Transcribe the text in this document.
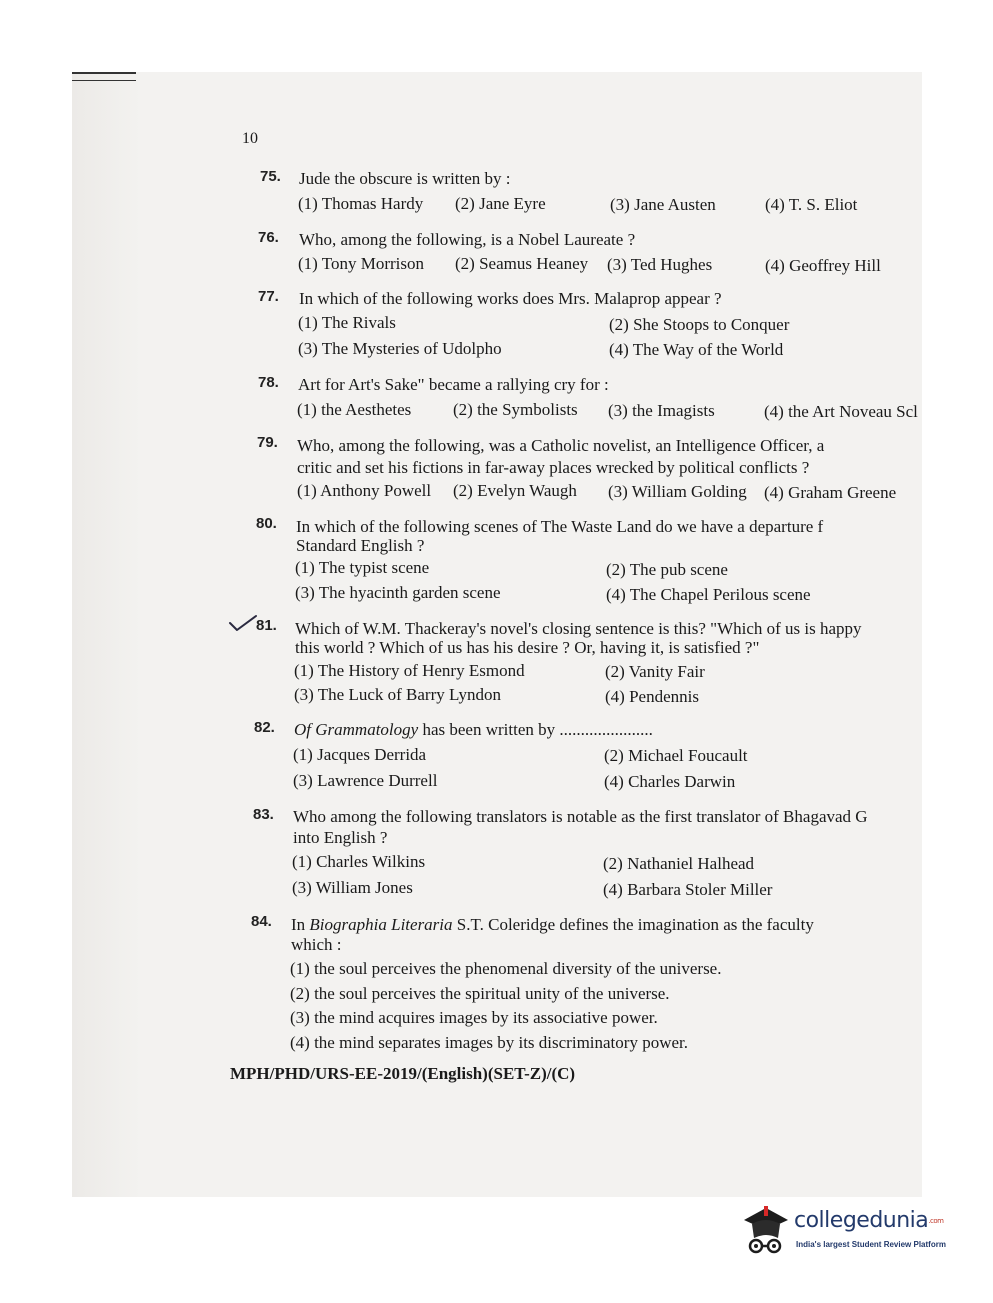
10
75. Jude the obscure is written by :
(1) Thomas Hardy (2) Jane Eyre	(3) Jane Austen	(4) T. S. Eliot
76. Who, among the following, is a Nobel Laureate ?
(1) Tony Morrison (2) Seamus Heaney (3) Ted Hughes	(4) Geoffrey Hill
77. In which of the following works does Mrs. Malaprop appear ?
(1) The Rivals	(2) She Stoops to Conquer
(3) The Mysteries of Udolpho	(4) The Way of the World
78. Art for Art's Sake" became a rallying cry for :
(1) the Aesthetes (2) the Symbolists (3) the Imagists	(4) the Art Noveau Scl
79. Who, among the following, was a Catholic novelist, an Intelligence Officer, a
critic and set his fictions in far-away places wrecked by political conflicts ?
(1) Anthony Powell (2) Evelyn Waugh (3) William Golding (4) Graham Greene
80. In which of the following scenes of The Waste Land do we have a departure f
Standard English ?
(1) The typist scene	(2) The pub scene
(3) The hyacinth garden scene	(4) The Chapel Perilous scene
81. Which of W.M. Thackeray's novel's closing sentence is this? "Which of us is happy
this world ? Which of us has his desire ? Or, having it, is satisfied ?"
(1) The History of Henry Esmond	(2) Vanity Fair
(3) The Luck of Barry Lyndon	(4) Pendennis
82. Of Grammatology has been written by ......................
(1) Jacques Derrida	(2) Michael Foucault
(3) Lawrence Durrell	(4) Charles Darwin
83. Who among the following translators is notable as the first translator of Bhagavad G
into English ?
(1) Charles Wilkins	(2) Nathaniel Halhead
(3) William Jones	(4) Barbara Stoler Miller
84. In Biographia Literaria S.T. Coleridge defines the imagination as the faculty
which :
(1) the soul perceives the phenomenal diversity of the universe.
(2) the soul perceives the spiritual unity of the universe.
(3) the mind acquires images by its associative power.
(4) the mind separates images by its discriminatory power.
MPH/PHD/URS-EE-2019/(English)(SET-Z)/(C)
collegedunia.com
India's largest Student Review Platform
